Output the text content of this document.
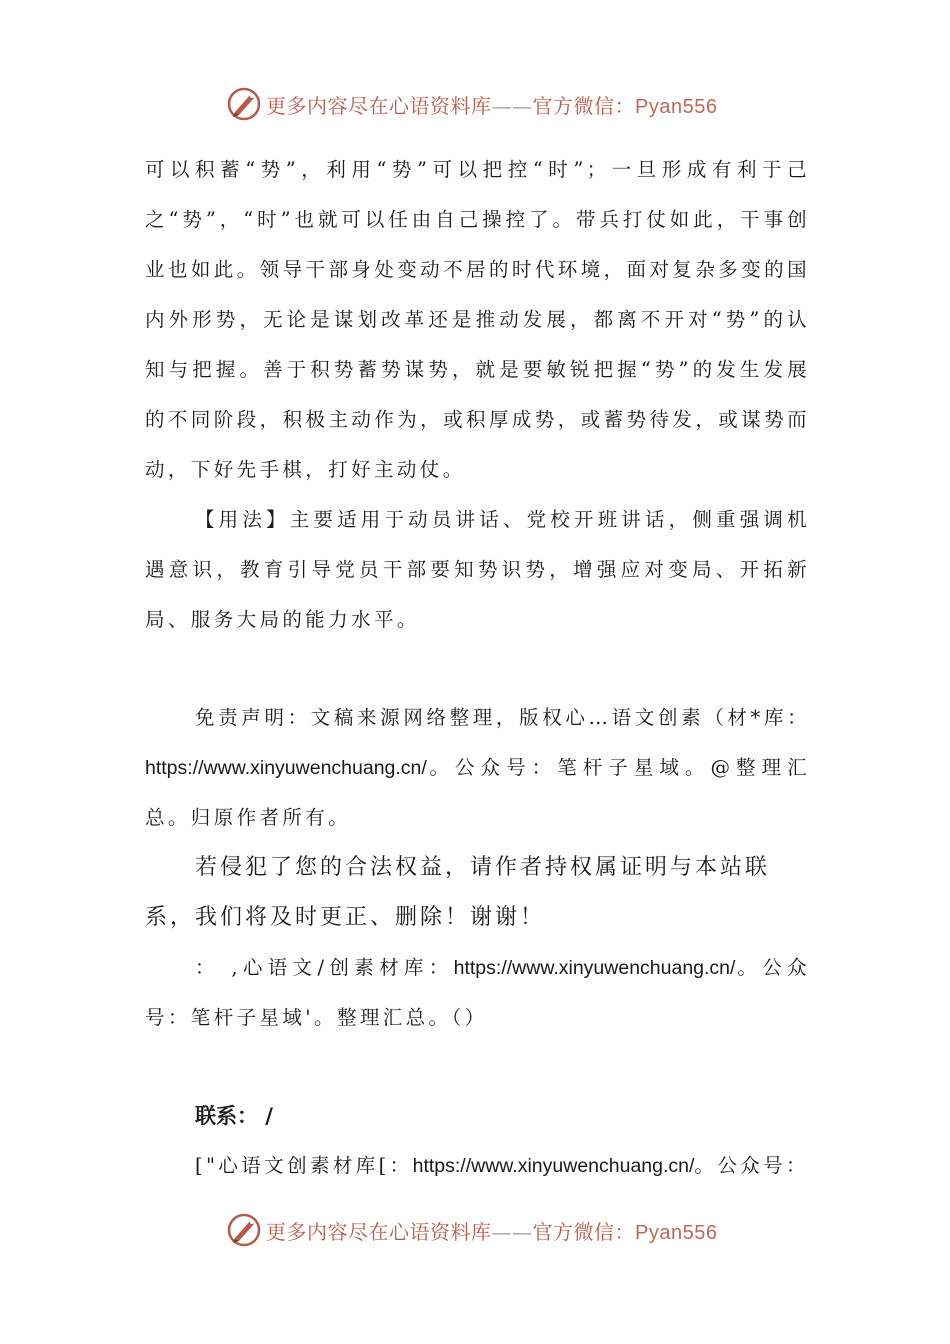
更多内容尽在心语资料库——官方微信：Pyan556

可以积蓄“势”，利用“势”可以把控“时”；一旦形成有利于己之“势”，“时”也就可以任由自己操控了。带兵打仗如此，干事创业也如此。领导干部身处变动不居的时代环境，面对复杂多变的国内外形势，无论是谋划改革还是推动发展，都离不开对“势”的认知与把握。善于积势蓄势谋势，就是要敏锐把握“势”的发生发展的不同阶段，积极主动作为，或积厚成势，或蓄势待发，或谋势而动，下好先手棋，打好主动仗。

【用法】主要适用于动员讲话、党校开班讲话，侧重强调机遇意识，教育引导党员干部要知势识势，增强应对变局、开拓新局、服务大局的能力水平。

免责声明：文稿来源网络整理，版权心…语文创素（材*库：https://www.xinyuwenchuang.cn/。公众号：笔杆子星域。@整理汇总。归原作者所有。

若侵犯了您的合法权益，请作者持权属证明与本站联系，我们将及时更正、删除！谢谢！

： ,心语文/创素材库：https://www.xinyuwenchuang.cn/。公众号：笔杆子星域'。整理汇总。（）

联系： /

["心语文创素材库[：https://www.xinyuwenchuang.cn/。公众号：

更多内容尽在心语资料库——官方微信：Pyan556
